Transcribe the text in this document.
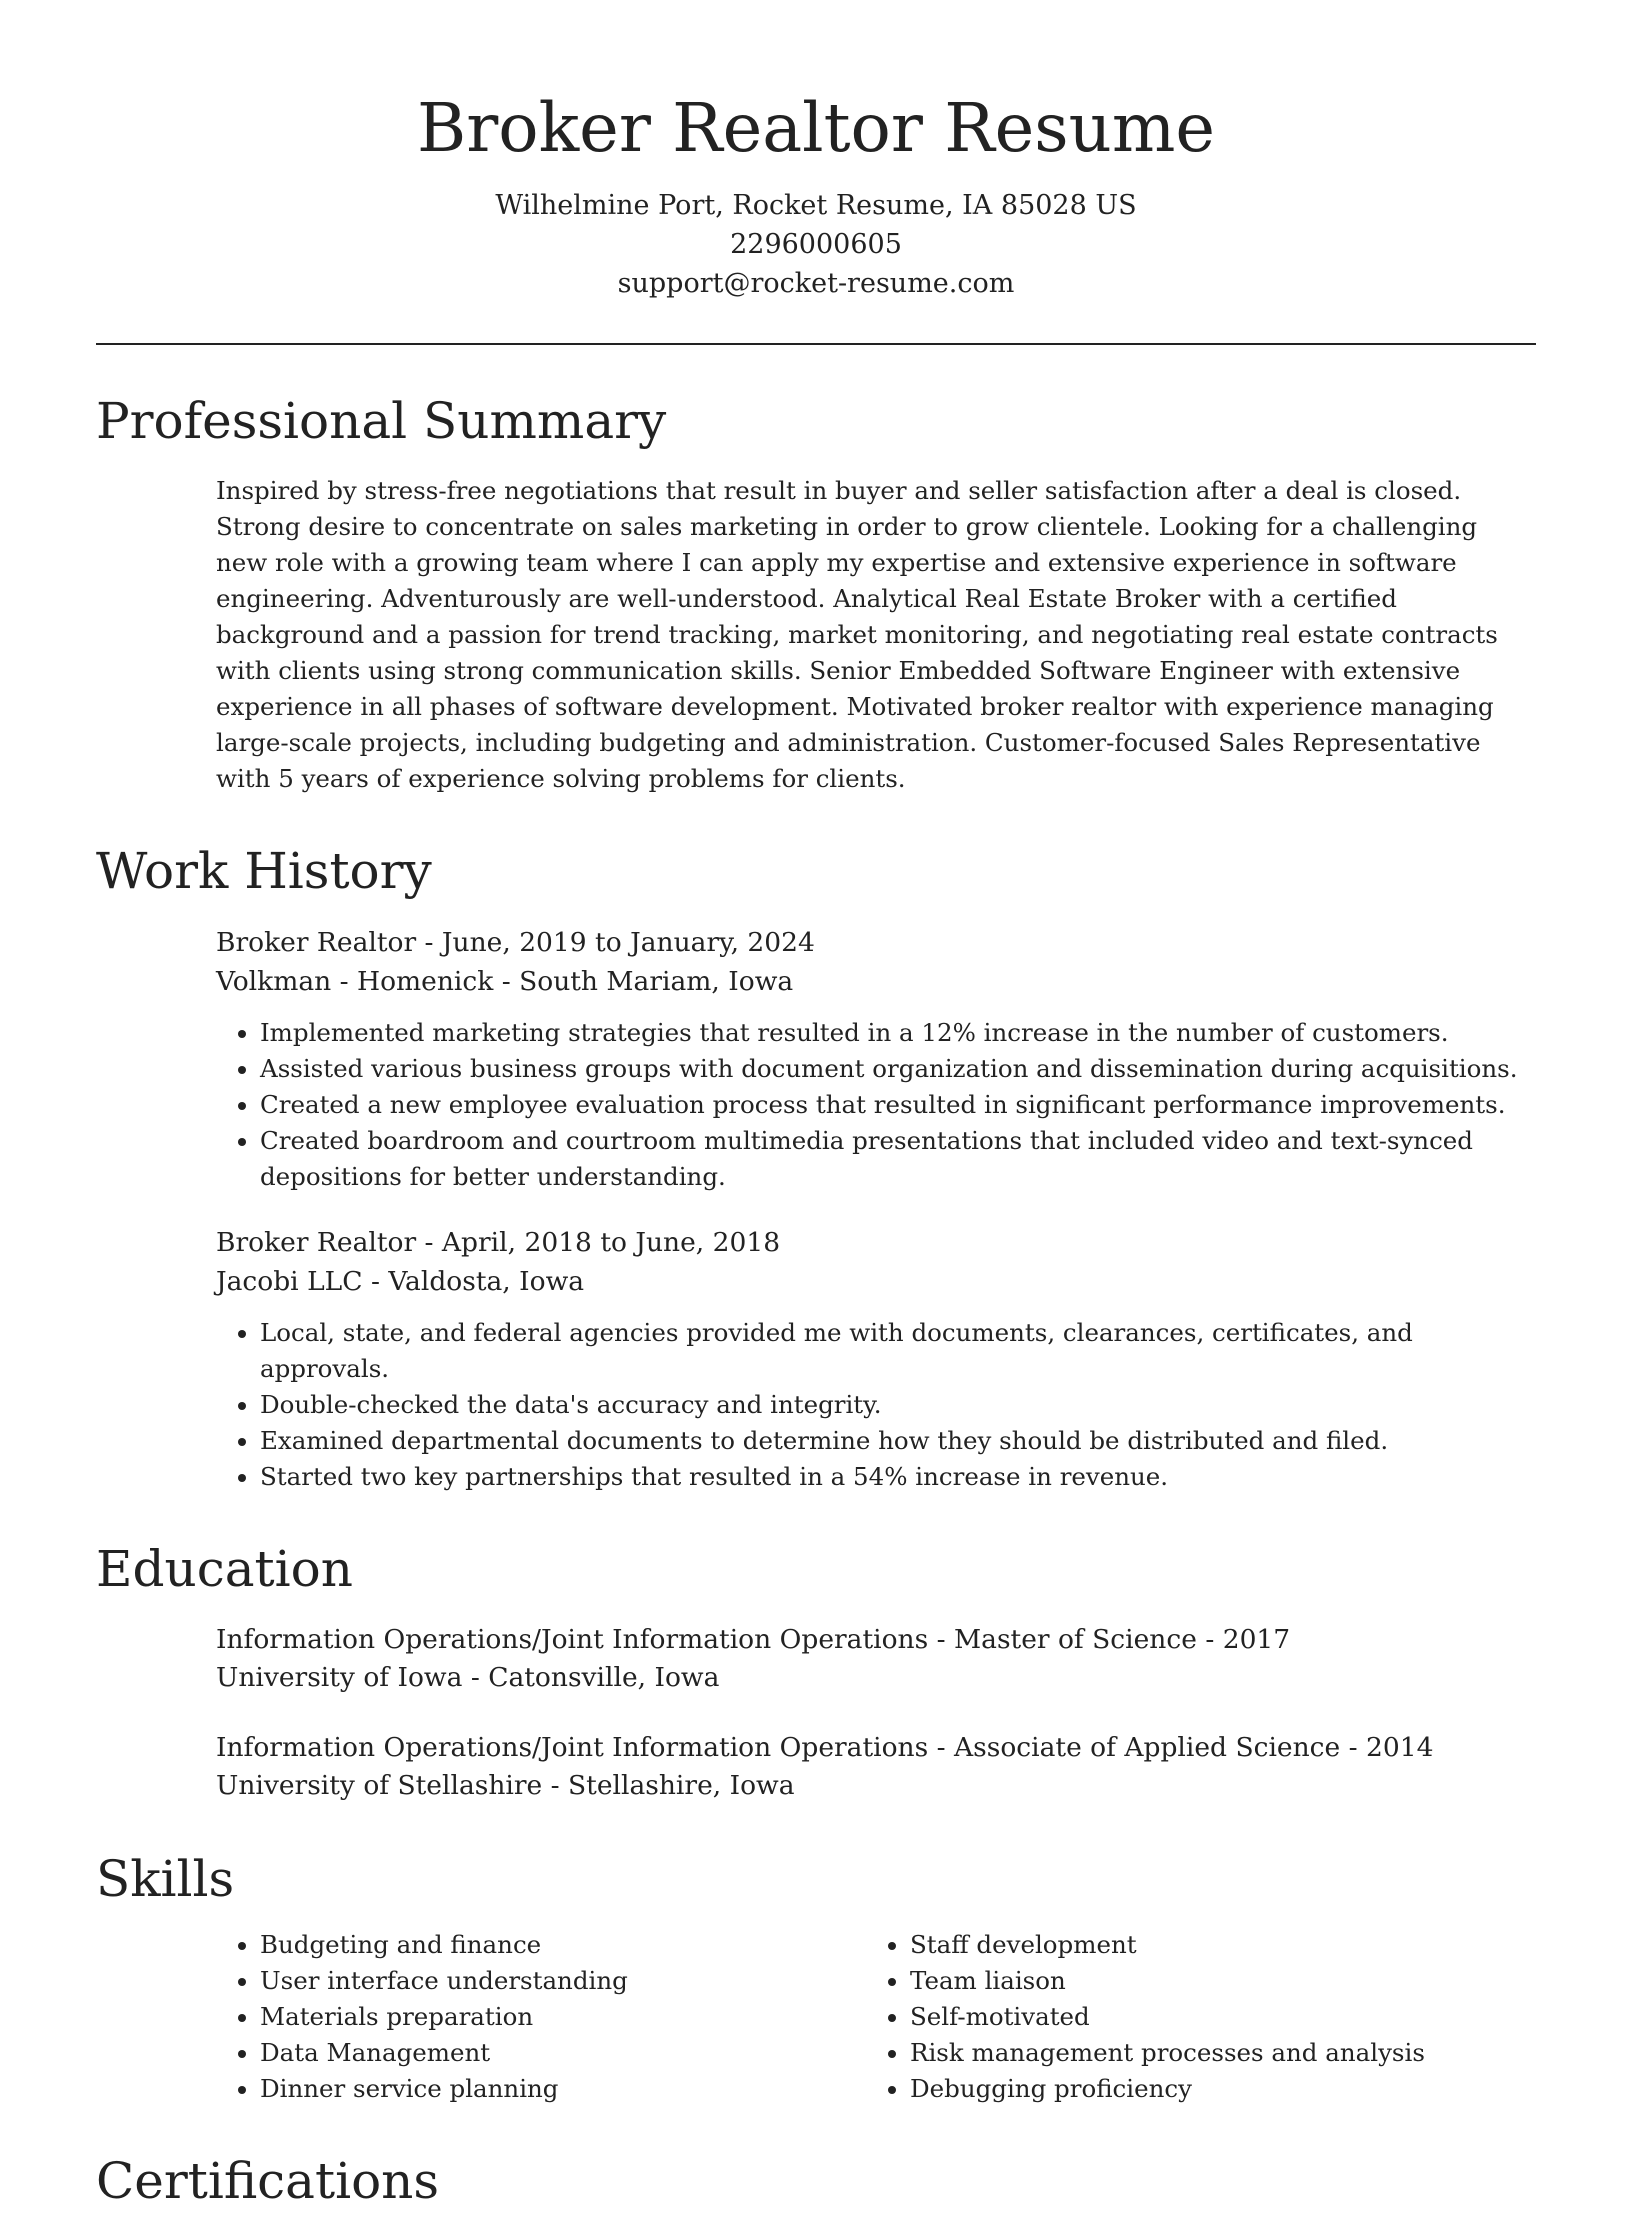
Broker Realtor Resume
Wilhelmine Port, Rocket Resume, IA 85028 US
2296000605
support@rocket-resume.com
Professional Summary
Inspired by stress-free negotiations that result in buyer and seller satisfaction after a deal is closed. Strong desire to concentrate on sales marketing in order to grow clientele. Looking for a challenging new role with a growing team where I can apply my expertise and extensive experience in software engineering. Adventurously are well-understood. Analytical Real Estate Broker with a certified background and a passion for trend tracking, market monitoring, and negotiating real estate contracts with clients using strong communication skills. Senior Embedded Software Engineer with extensive experience in all phases of software development. Motivated broker realtor with experience managing large-scale projects, including budgeting and administration. Customer-focused Sales Representative with 5 years of experience solving problems for clients.
Work History
Broker Realtor - June, 2019 to January, 2024
Volkman - Homenick - South Mariam, Iowa
• Implemented marketing strategies that resulted in a 12% increase in the number of customers.
• Assisted various business groups with document organization and dissemination during acquisitions.
• Created a new employee evaluation process that resulted in significant performance improvements.
• Created boardroom and courtroom multimedia presentations that included video and text-synced depositions for better understanding.
Broker Realtor - April, 2018 to June, 2018
Jacobi LLC - Valdosta, Iowa
• Local, state, and federal agencies provided me with documents, clearances, certificates, and approvals.
• Double-checked the data's accuracy and integrity.
• Examined departmental documents to determine how they should be distributed and filed.
• Started two key partnerships that resulted in a 54% increase in revenue.
Education
Information Operations/Joint Information Operations - Master of Science - 2017
University of Iowa - Catonsville, Iowa
Information Operations/Joint Information Operations - Associate of Applied Science - 2014
University of Stellashire - Stellashire, Iowa
Skills
• Budgeting and finance
• User interface understanding
• Materials preparation
• Data Management
• Dinner service planning
• Staff development
• Team liaison
• Self-motivated
• Risk management processes and analysis
• Debugging proficiency
Certifications
